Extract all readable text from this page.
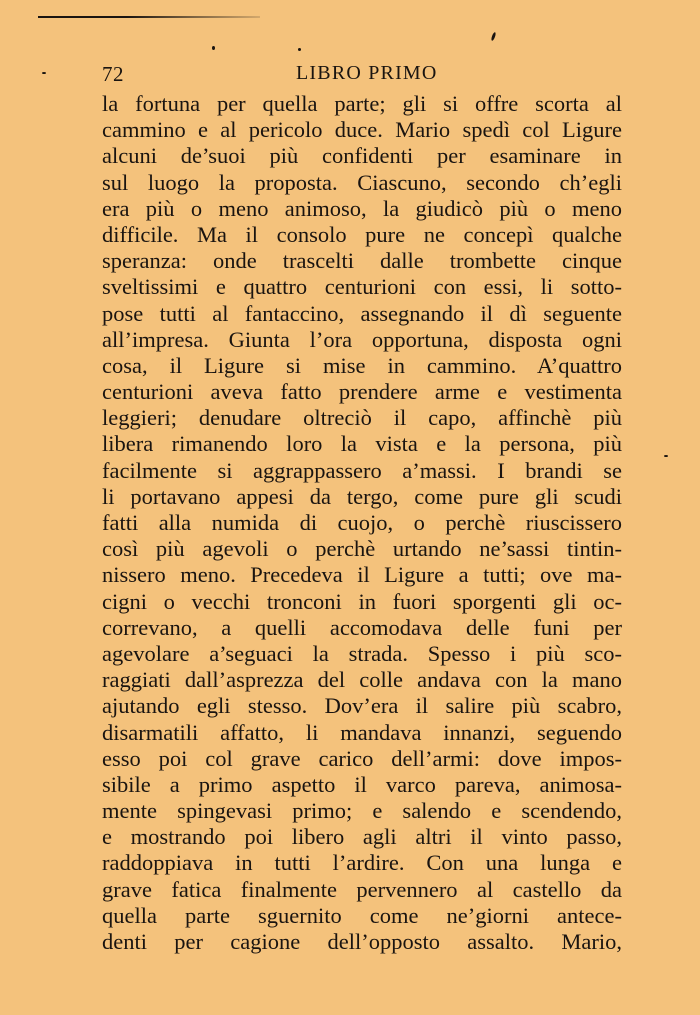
72	LIBRO PRIMO
la fortuna per quella parte; gli si offre scorta al
cammino e al pericolo duce. Mario spedì col Ligure
alcuni de’suoi più confidenti per esaminare in
sul luogo la proposta. Ciascuno, secondo ch’egli
era più o meno animoso, la giudicò più o meno
difficile. Ma il consolo pure ne concepì qualche
speranza: onde trascelti dalle trombette cinque
sveltissimi e quattro centurioni con essi, li sotto-
pose tutti al fantaccino, assegnando il dì seguente
all’impresa. Giunta l’ora opportuna, disposta ogni
cosa, il Ligure si mise in cammino. A’quattro
centurioni aveva fatto prendere arme e vestimenta
leggieri; denudare oltreciò il capo, affinchè più
libera rimanendo loro la vista e la persona, più
facilmente si aggrappassero a’massi. I brandi se
li portavano appesi da tergo, come pure gli scudi
fatti alla numida di cuojo, o perchè riuscissero
così più agevoli o perchè urtando ne’sassi tintin-
nissero meno. Precedeva il Ligure a tutti; ove ma-
cigni o vecchi tronconi in fuori sporgenti gli oc-
correvano, a quelli accomodava delle funi per
agevolare a’seguaci la strada. Spesso i più sco-
raggiati dall’asprezza del colle andava con la mano
ajutando egli stesso. Dov’era il salire più scabro,
disarmatili affatto, li mandava innanzi, seguendo
esso poi col grave carico dell’armi: dove impos-
sibile a primo aspetto il varco pareva, animosa-
mente spingevasi primo; e salendo e scendendo,
e mostrando poi libero agli altri il vinto passo,
raddoppiava in tutti l’ardire. Con una lunga e
grave fatica finalmente pervennero al castello da
quella parte sguernito come ne’giorni antece-
denti per cagione dell’opposto assalto. Mario,
